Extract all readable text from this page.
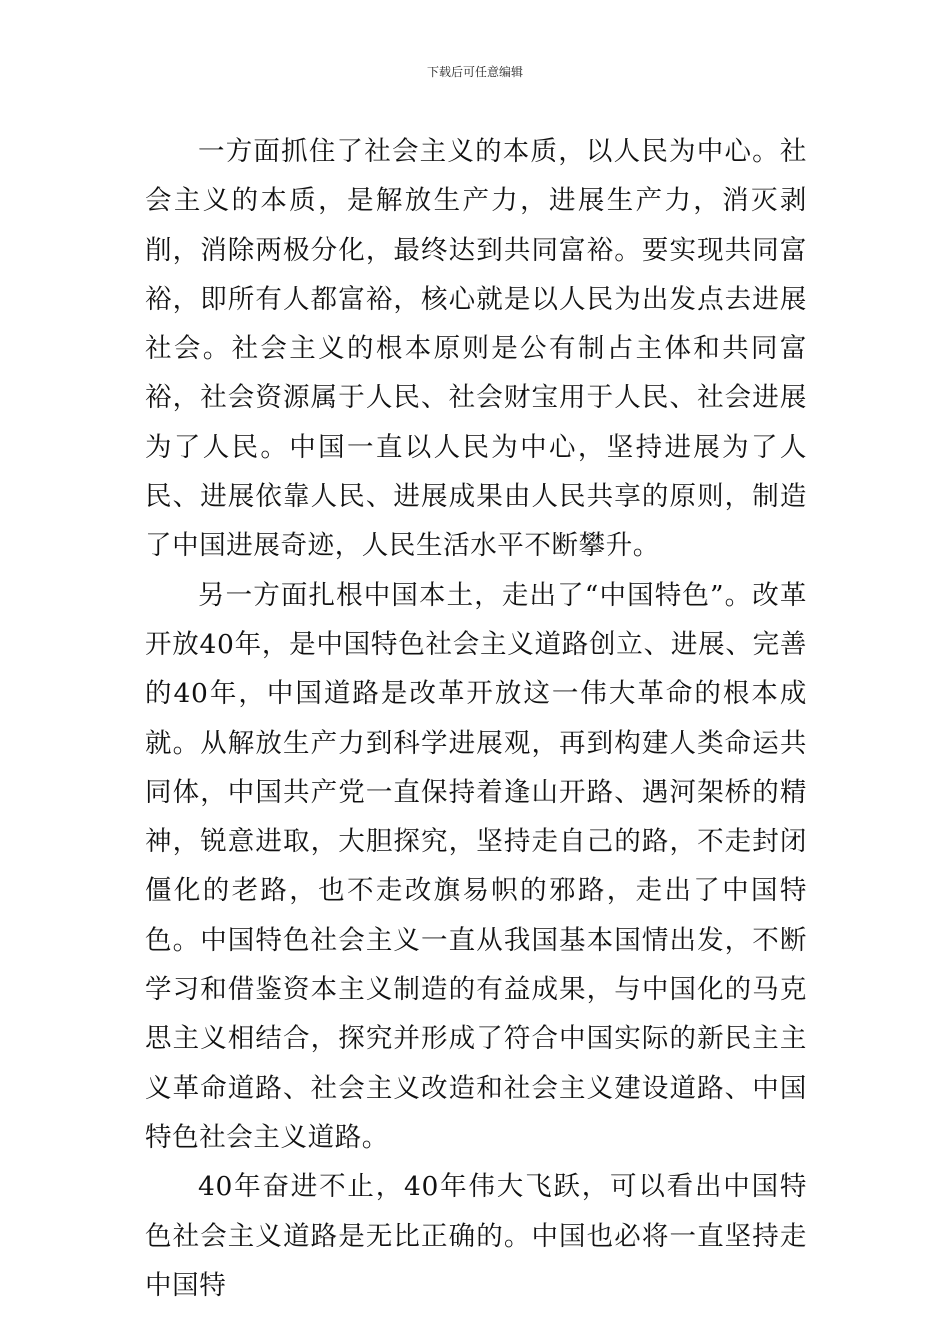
下载后可任意编辑

一方面抓住了社会主义的本质，以人民为中心。社会主义的本质，是解放生产力，进展生产力，消灭剥削，消除两极分化，最终达到共同富裕。要实现共同富裕，即所有人都富裕，核心就是以人民为出发点去进展社会。社会主义的根本原则是公有制占主体和共同富裕，社会资源属于人民、社会财宝用于人民、社会进展为了人民。中国一直以人民为中心，坚持进展为了人民、进展依靠人民、进展成果由人民共享的原则，制造了中国进展奇迹，人民生活水平不断攀升。

另一方面扎根中国本土，走出了“中国特色”。改革开放40年，是中国特色社会主义道路创立、进展、完善的40年，中国道路是改革开放这一伟大革命的根本成就。从解放生产力到科学进展观，再到构建人类命运共同体，中国共产党一直保持着逢山开路、遇河架桥的精神，锐意进取，大胆探究，坚持走自己的路，不走封闭僵化的老路，也不走改旗易帜的邪路，走出了中国特色。中国特色社会主义一直从我国基本国情出发，不断学习和借鉴资本主义制造的有益成果，与中国化的马克思主义相结合，探究并形成了符合中国实际的新民主主义革命道路、社会主义改造和社会主义建设道路、中国特色社会主义道路。

40年奋进不止，40年伟大飞跃，可以看出中国特色社会主义道路是无比正确的。中国也必将一直坚持走中国特
